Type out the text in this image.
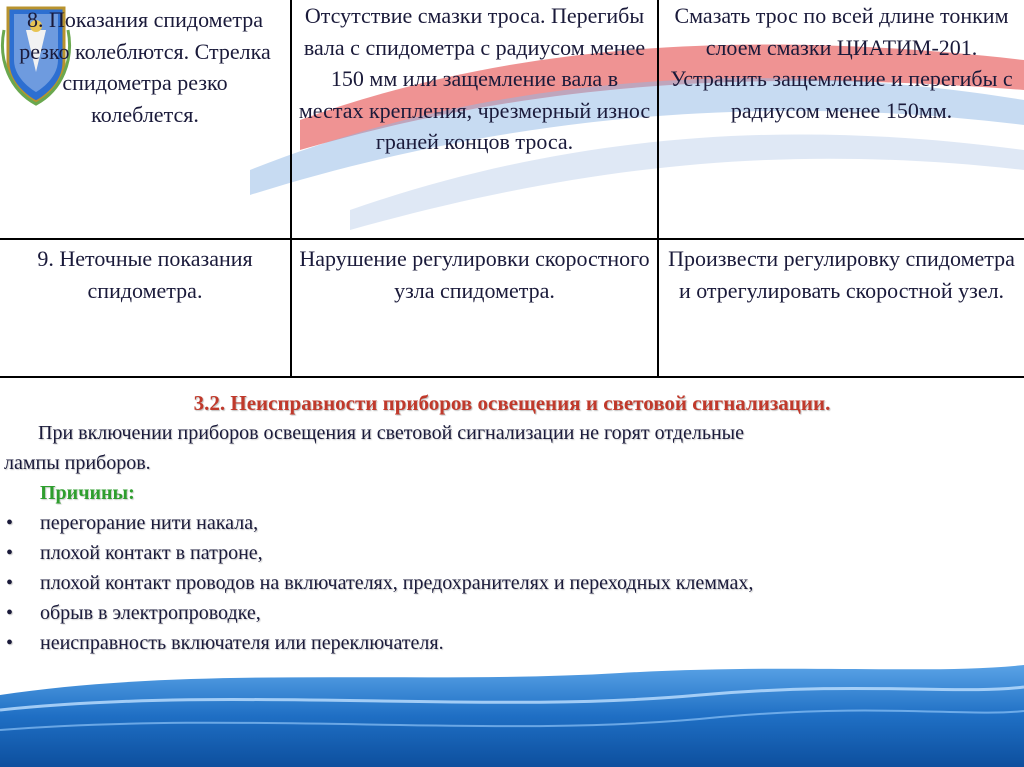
8. Показания спидометра резко колеблются. Стрелка спидометра резко колеблется.	Отсутствие смазки троса. Перегибы вала с спидометра с радиусом менее 150 мм или защемление вала в местах крепления, чрезмерный износ граней концов троса.	Смазать трос по всей длине тонким слоем смазки ЦИАТИМ-201. Устранить защемление и перегибы с радиусом менее 150мм.
9. Неточные показания спидометра.	Нарушение регулировки скоростного узла спидометра.	Произвести регулировку спидометра и отрегулировать скоростной узел.
3.2. Неисправности приборов освещения и световой сигнализации.
При включении приборов освещения и световой сигнализации не горят отдельные
лампы приборов.
Причины:
• перегорание нити накала,
• плохой контакт в патроне,
• плохой контакт проводов на включателях, предохранителях и переходных клеммах,
• обрыв в электропроводке,
• неисправность включателя или переключателя.
